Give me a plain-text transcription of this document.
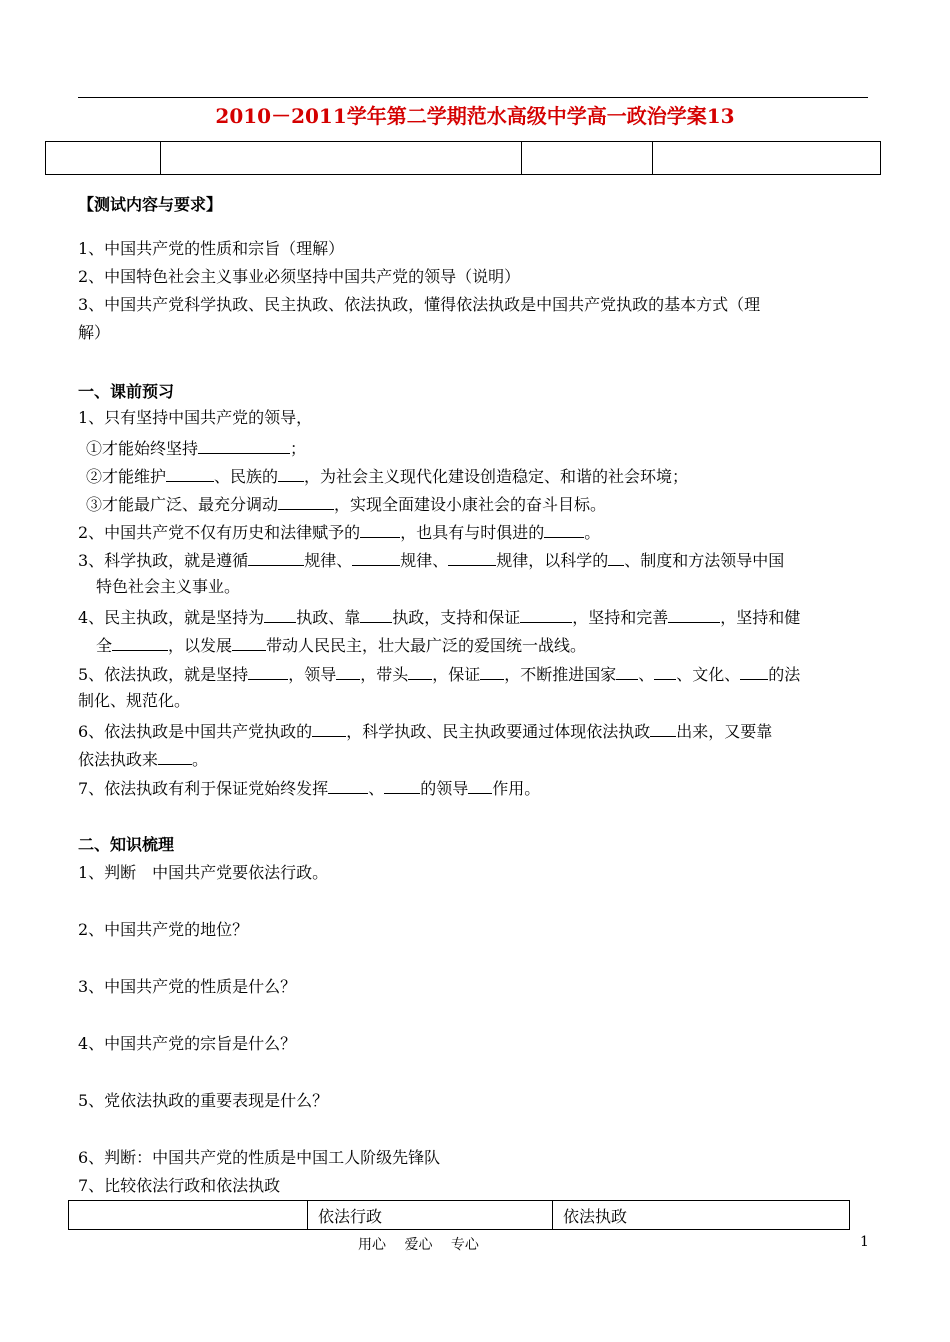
2010－2011学年第二学期范水高级中学高一政治学案13

【测试内容与要求】
1、中国共产党的性质和宗旨（理解）
2、中国特色社会主义事业必须坚持中国共产党的领导（说明）
3、中国共产党科学执政、民主执政、依法执政，懂得依法执政是中国共产党执政的基本方式（理
解）
一、课前预习
1、只有坚持中国共产党的领导，
①才能始终坚持	；
②才能维护	、民族的 ，为社会主义现代化建设创造稳定、和谐的社会环境；
③才能最广泛、最充分调动	，实现全面建设小康社会的奋斗目标。
2、中国共产党不仅有历史和法律赋予的	，也具有与时俱进的	。
3、科学执政，就是遵循	规律、	规律、	规律，以科学的 、制度和方法领导中国
特色社会主义事业。
4、民主执政，就是坚持为 执政、靠 执政，支持和保证	，坚持和完善	，坚持和健
全	，以发展 带动人民民主，壮大最广泛的爱国统一战线。
5、依法执政，就是坚持	，领导 ，带头 ，保证 ，不断推进国家 、 、文化、 的法
制化、规范化。
6、依法执政是中国共产党执政的 ，科学执政、民主执政要通过体现依法执政 出来，又要靠
依法执政来 。
7、依法执政有利于保证党始终发挥	、 的领导 作用。
二、知识梳理
1、判断　中国共产党要依法行政。
2、中国共产党的地位？
3、中国共产党的性质是什么？
4、中国共产党的宗旨是什么？
5、党依法执政的重要表现是什么？
6、判断：中国共产党的性质是中国工人阶级先锋队
7、比较依法行政和依法执政
	依法行政	依法执政
用心　 爱心　 专心	1
